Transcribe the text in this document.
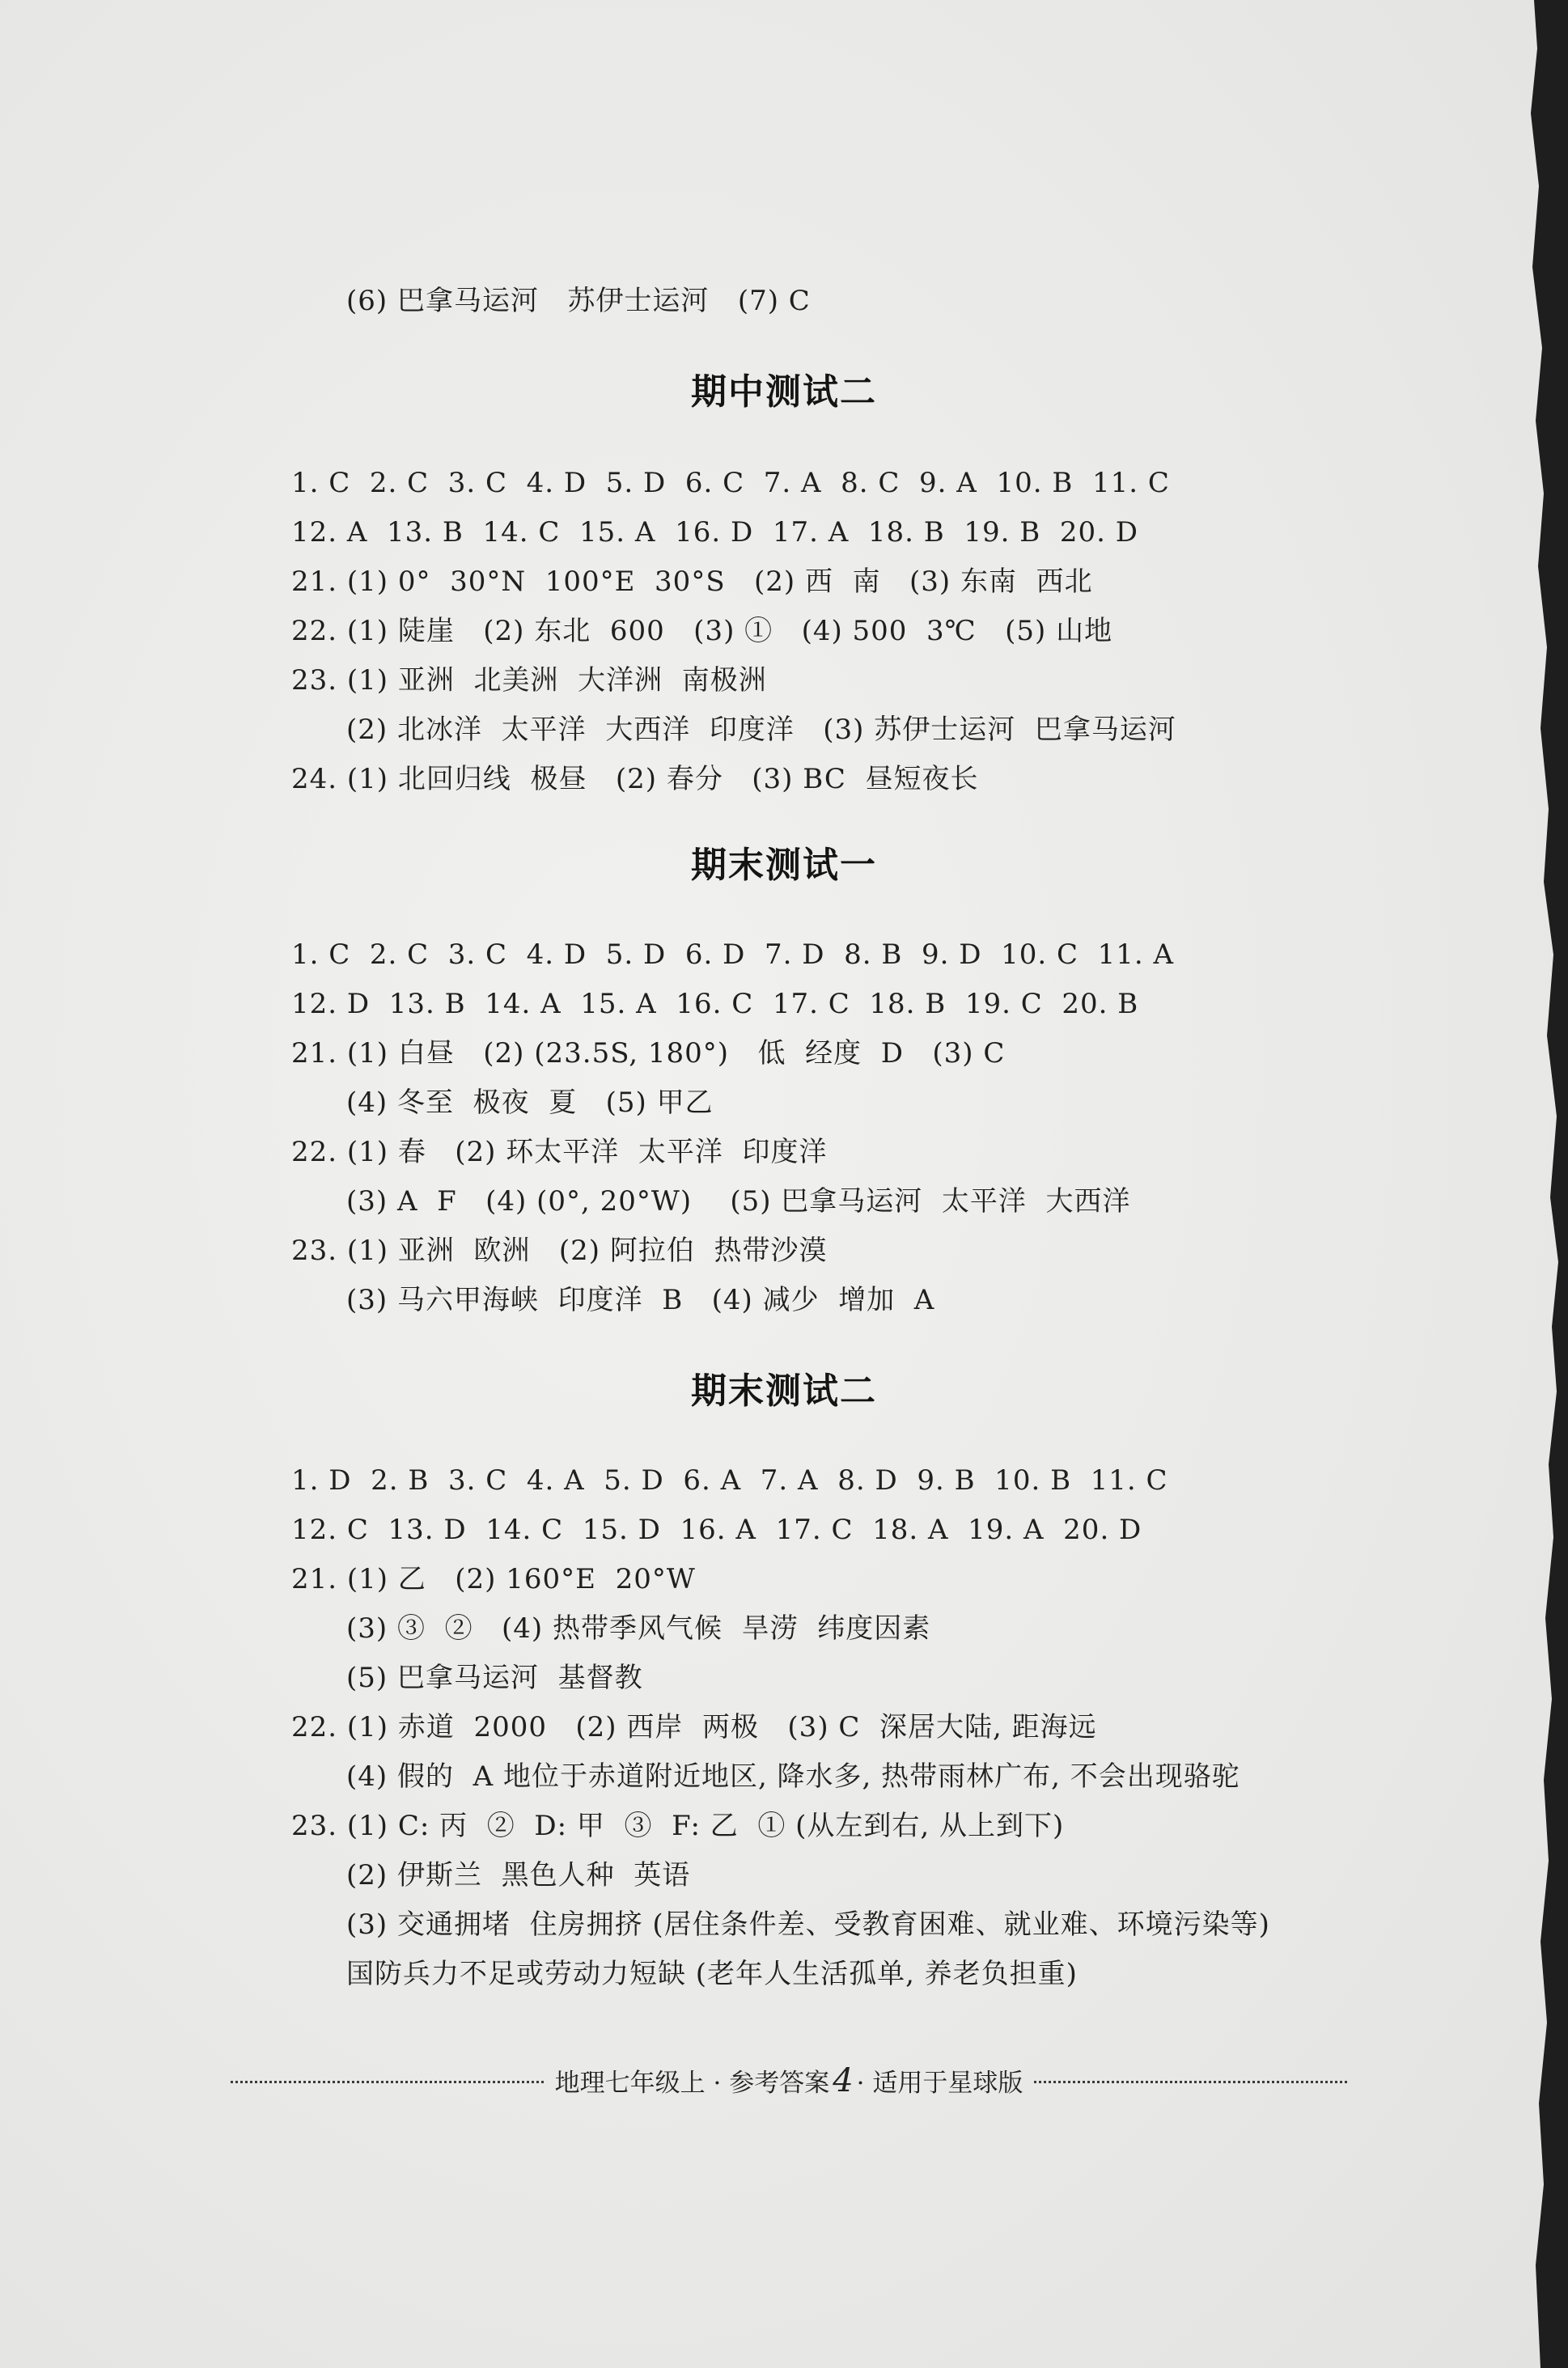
(6) 巴拿马运河   苏伊士运河   (7) C
期中测试二
1. C  2. C  3. C  4. D  5. D  6. C  7. A  8. C  9. A  10. B  11. C
12. A  13. B  14. C  15. A  16. D  17. A  18. B  19. B  20. D
21. (1) 0°  30°N  100°E  30°S   (2) 西  南   (3) 东南  西北
22. (1) 陡崖   (2) 东北  600   (3) ①   (4) 500  3℃   (5) 山地
23. (1) 亚洲  北美洲  大洋洲  南极洲
(2) 北冰洋  太平洋  大西洋  印度洋   (3) 苏伊士运河  巴拿马运河
24. (1) 北回归线  极昼   (2) 春分   (3) BC  昼短夜长
期末测试一
1. C  2. C  3. C  4. D  5. D  6. D  7. D  8. B  9. D  10. C  11. A
12. D  13. B  14. A  15. A  16. C  17. C  18. B  19. C  20. B
21. (1) 白昼   (2) (23.5S, 180°)   低  经度  D   (3) C
(4) 冬至  极夜  夏   (5) 甲乙
22. (1) 春   (2) 环太平洋  太平洋  印度洋
(3) A  F   (4) (0°, 20°W)    (5) 巴拿马运河  太平洋  大西洋
23. (1) 亚洲  欧洲   (2) 阿拉伯  热带沙漠
(3) 马六甲海峡  印度洋  B   (4) 减少  增加  A
期末测试二
1. D  2. B  3. C  4. A  5. D  6. A  7. A  8. D  9. B  10. B  11. C
12. C  13. D  14. C  15. D  16. A  17. C  18. A  19. A  20. D
21. (1) 乙   (2) 160°E  20°W
(3) ③  ②   (4) 热带季风气候  旱涝  纬度因素
(5) 巴拿马运河  基督教
22. (1) 赤道  2000   (2) 西岸  两极   (3) C  深居大陆, 距海远
(4) 假的  A 地位于赤道附近地区, 降水多, 热带雨林广布, 不会出现骆驼
23. (1) C: 丙  ②  D: 甲  ③  F: 乙  ① (从左到右, 从上到下)
(2) 伊斯兰  黑色人种  英语
(3) 交通拥堵  住房拥挤 (居住条件差、受教育困难、就业难、环境污染等)
国防兵力不足或劳动力短缺 (老年人生活孤单, 养老负担重)
地理七年级上 · 参考答案 4 · 适用于星球版
